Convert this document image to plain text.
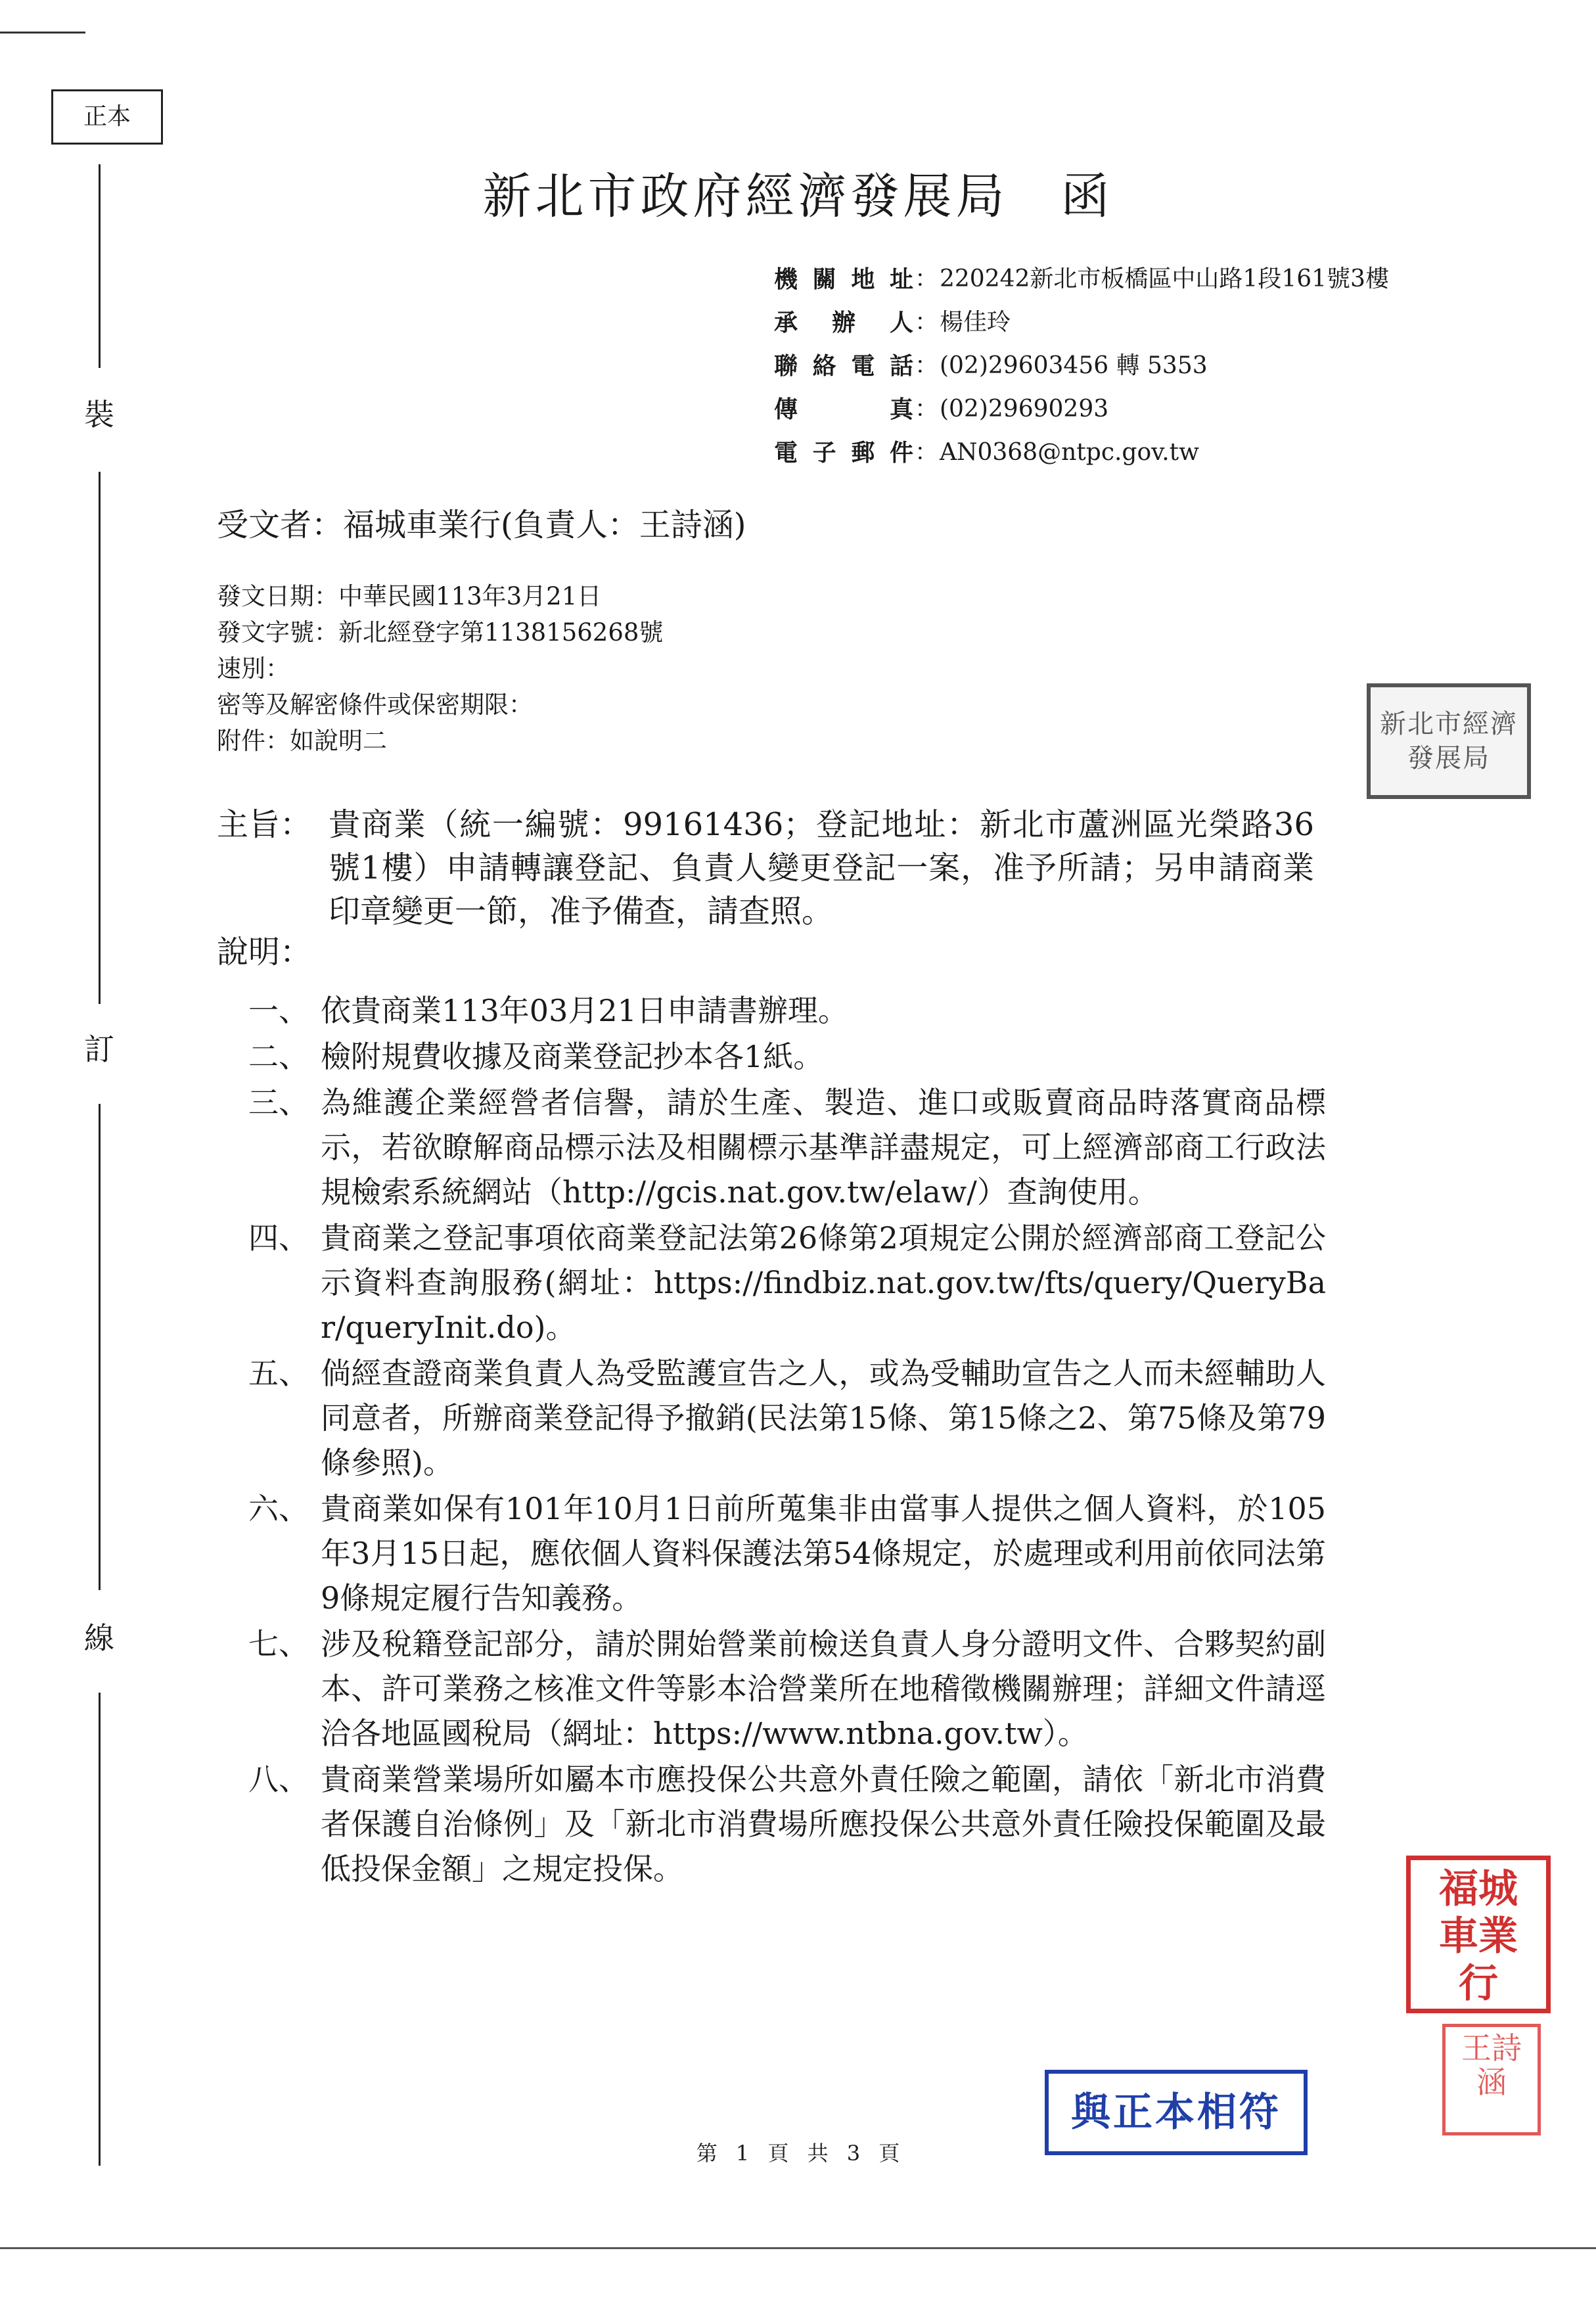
正本
裝
訂
線
新北市政府經濟發展局　函
機關地址 ： 220242新北市板橋區中山路1段161號3樓
承 辦 人 ： 楊佳玲
聯絡電話 ： (02)29603456 轉 5353
傳　　真 ： (02)29690293
電子郵件 ： AN0368@ntpc.gov.tw
受文者：福城車業行(負責人：王詩涵)
發文日期：中華民國113年3月21日
發文字號：新北經登字第1138156268號
速別：
密等及解密條件或保密期限：
附件：如說明二
主旨： 貴商業（統一編號：99161436；登記地址：新北市蘆洲區光榮路36號1樓）申請轉讓登記、負責人變更登記一案，准予所請；另申請商業印章變更一節，准予備查，請查照。
說明：
一、 依貴商業113年03月21日申請書辦理。
二、 檢附規費收據及商業登記抄本各1紙。
三、 為維護企業經營者信譽，請於生產、製造、進口或販賣商品時落實商品標示，若欲瞭解商品標示法及相關標示基準詳盡規定，可上經濟部商工行政法規檢索系統網站（http://gcis.nat.gov.tw/elaw/）查詢使用。
四、 貴商業之登記事項依商業登記法第26條第2項規定公開於經濟部商工登記公示資料查詢服務(網址：https://findbiz.nat.gov.tw/fts/query/QueryBar/queryInit.do)。
五、 倘經查證商業負責人為受監護宣告之人，或為受輔助宣告之人而未經輔助人同意者，所辦商業登記得予撤銷(民法第15條、第15條之2、第75條及第79條參照)。
六、 貴商業如保有101年10月1日前所蒐集非由當事人提供之個人資料，於105年3月15日起，應依個人資料保護法第54條規定，於處理或利用前依同法第9條規定履行告知義務。
七、 涉及稅籍登記部分，請於開始營業前檢送負責人身分證明文件、合夥契約副本、許可業務之核准文件等影本洽營業所在地稽徵機關辦理；詳細文件請逕洽各地區國稅局（網址：https://www.ntbna.gov.tw）。
八、 貴商業營業場所如屬本市應投保公共意外責任險之範圍，請依「新北市消費者保護自治條例」及「新北市消費場所應投保公共意外責任險投保範圍及最低投保金額」之規定投保。
新北市經濟發展局
福城車業行
王詩涵
與正本相符
第 1 頁 共 3 頁
